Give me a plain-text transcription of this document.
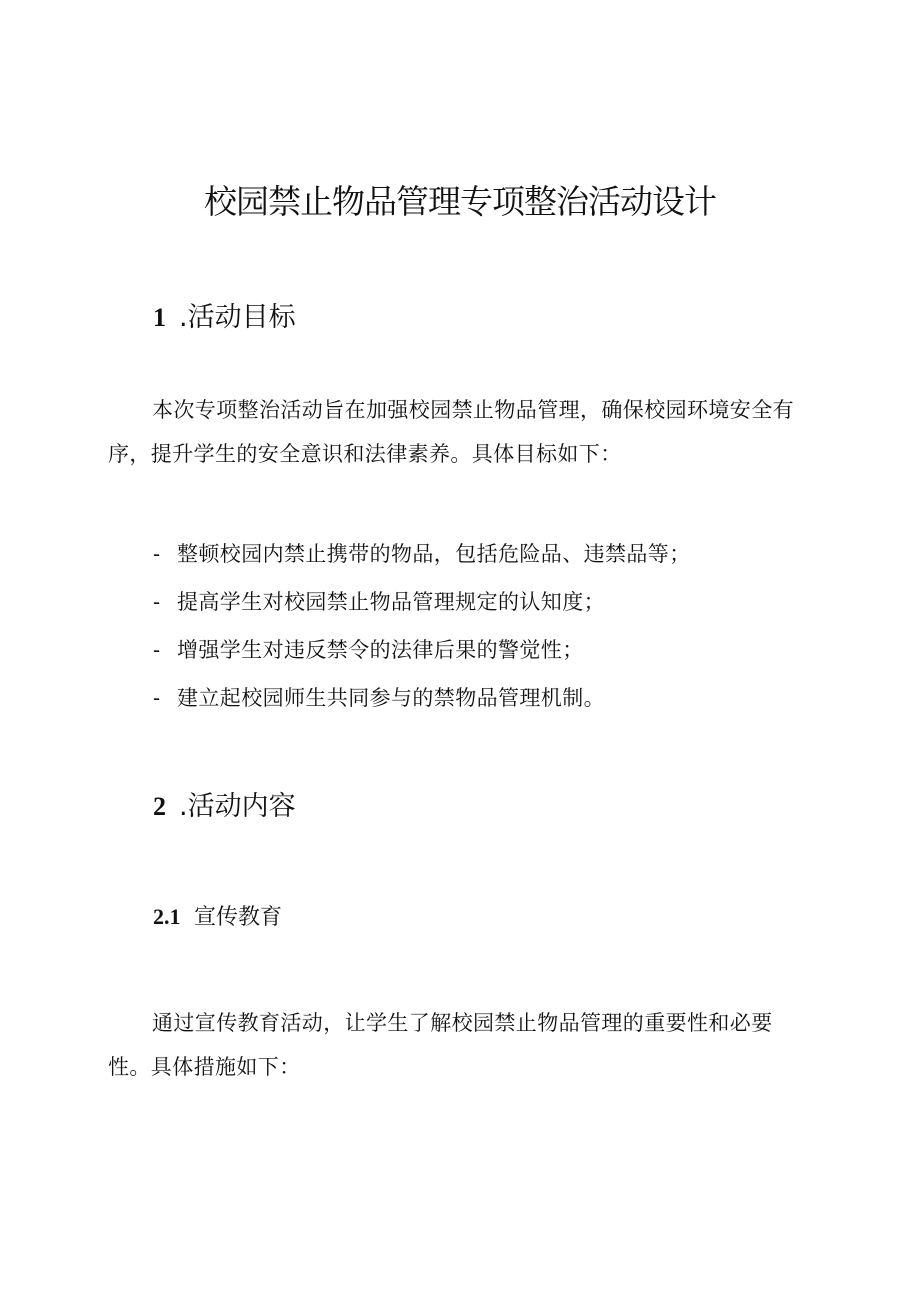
校园禁止物品管理专项整治活动设计
1 .活动目标

本次专项整治活动旨在加强校园禁止物品管理，确保校园环境安全有序，提升学生的安全意识和法律素养。具体目标如下：

- 整顿校园内禁止携带的物品，包括危险品、违禁品等；
- 提高学生对校园禁止物品管理规定的认知度；
- 增强学生对违反禁令的法律后果的警觉性；
- 建立起校园师生共同参与的禁物品管理机制。
2 .活动内容
2.1 宣传教育

通过宣传教育活动，让学生了解校园禁止物品管理的重要性和必要性。具体措施如下：
